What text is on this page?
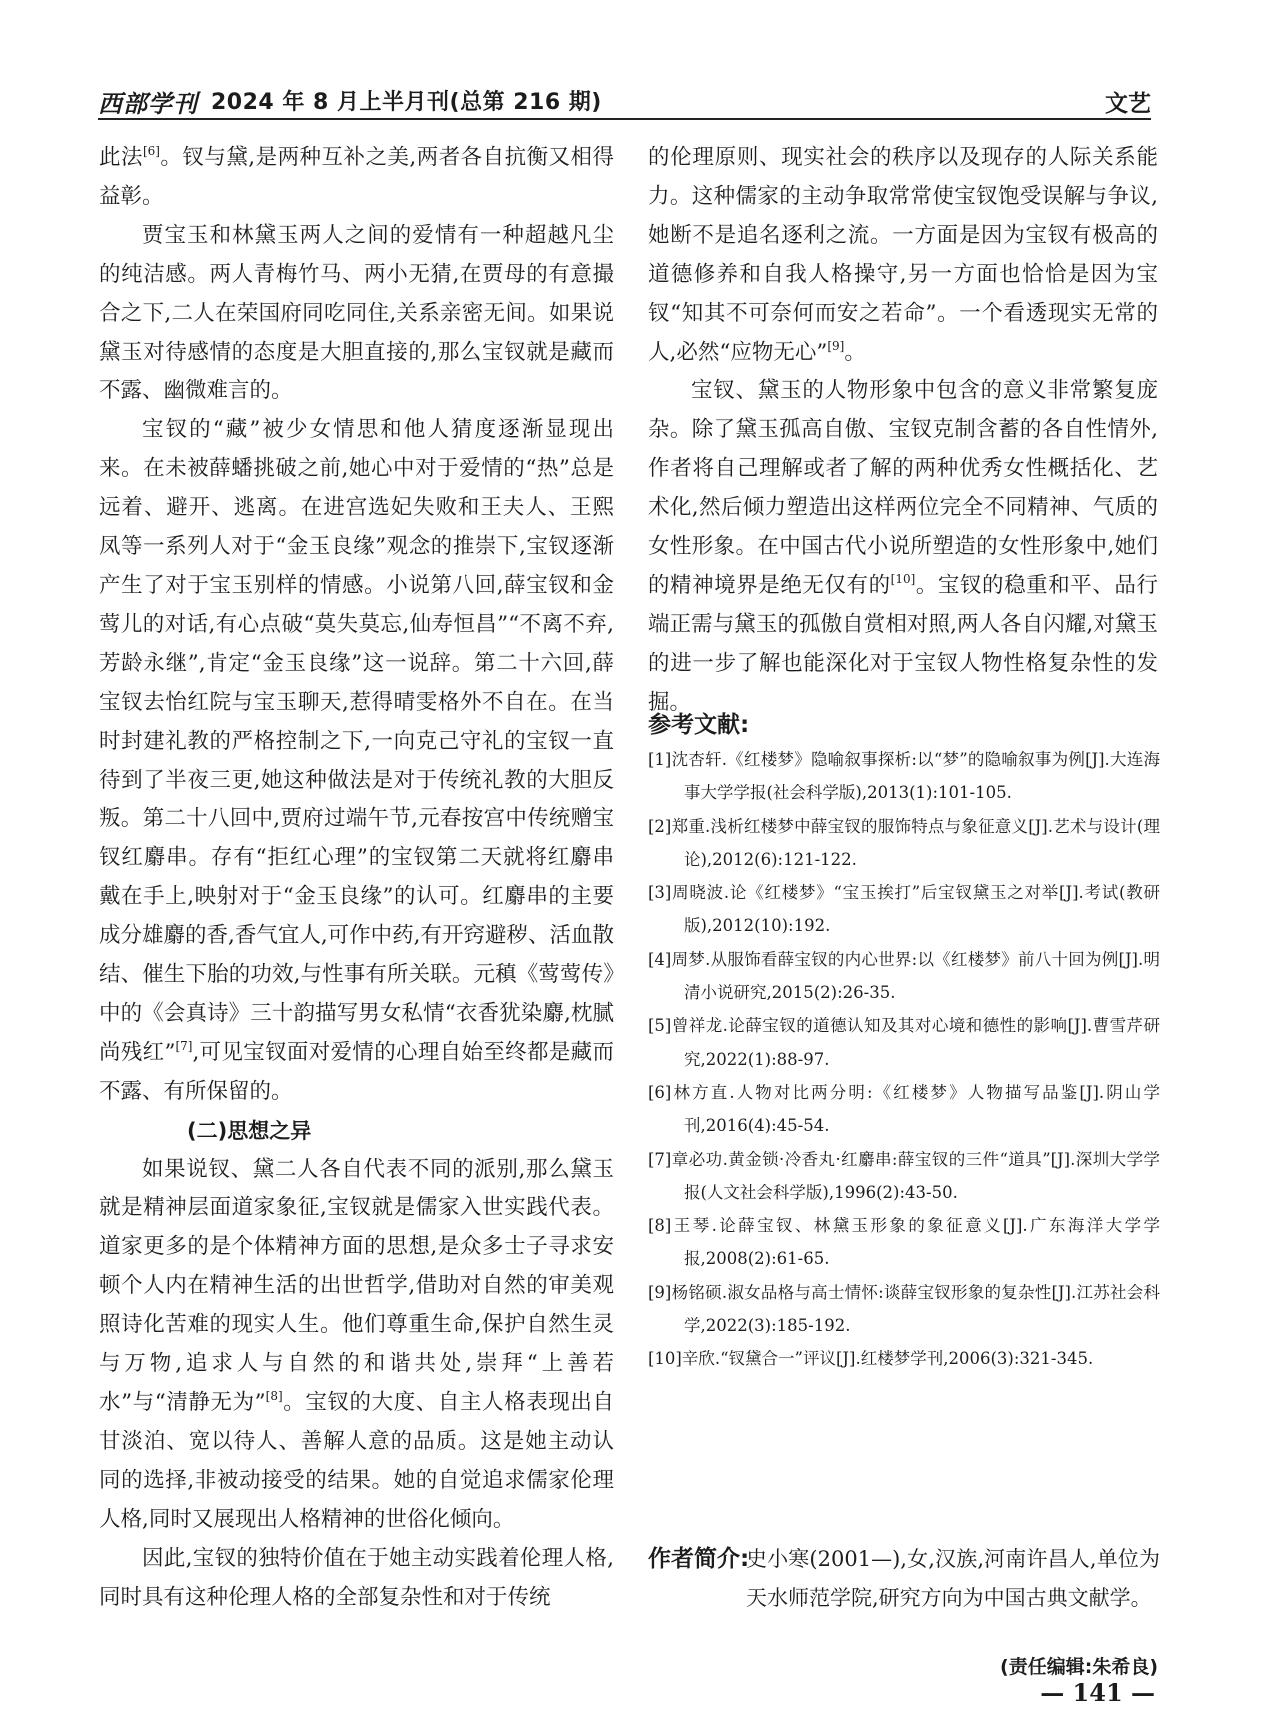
西部学刊 2024 年 8 月上半月刊(总第 216 期)	文艺

此法[6]。钗与黛,是两种互补之美,两者各自抗衡又相得益彰。

贾宝玉和林黛玉两人之间的爱情有一种超越凡尘的纯洁感。两人青梅竹马、两小无猜,在贾母的有意撮合之下,二人在荣国府同吃同住,关系亲密无间。如果说黛玉对待感情的态度是大胆直接的,那么宝钗就是藏而不露、幽微难言的。

宝钗的“藏”被少女情思和他人猜度逐渐显现出来。在未被薛蟠挑破之前,她心中对于爱情的“热”总是远着、避开、逃离。在进宫选妃失败和王夫人、王熙凤等一系列人对于“金玉良缘”观念的推崇下,宝钗逐渐产生了对于宝玉别样的情感。小说第八回,薛宝钗和金莺儿的对话,有心点破“莫失莫忘,仙寿恒昌”“不离不弃,芳龄永继”,肯定“金玉良缘”这一说辞。第二十六回,薛宝钗去怡红院与宝玉聊天,惹得晴雯格外不自在。在当时封建礼教的严格控制之下,一向克己守礼的宝钗一直待到了半夜三更,她这种做法是对于传统礼教的大胆反叛。第二十八回中,贾府过端午节,元春按宫中传统赠宝钗红麝串。存有“拒红心理”的宝钗第二天就将红麝串戴在手上,映射对于“金玉良缘”的认可。红麝串的主要成分雄麝的香,香气宜人,可作中药,有开窍避秽、活血散结、催生下胎的功效,与性事有所关联。元稹《莺莺传》中的《会真诗》三十韵描写男女私情“衣香犹染麝,枕腻尚残红”[7],可见宝钗面对爱情的心理自始至终都是藏而不露、有所保留的。

(二)思想之异

如果说钗、黛二人各自代表不同的派别,那么黛玉就是精神层面道家象征,宝钗就是儒家入世实践代表。道家更多的是个体精神方面的思想,是众多士子寻求安顿个人内在精神生活的出世哲学,借助对自然的审美观照诗化苦难的现实人生。他们尊重生命,保护自然生灵与万物,追求人与自然的和谐共处,崇拜“上善若水”与“清静无为”[8]。宝钗的大度、自主人格表现出自甘淡泊、宽以待人、善解人意的品质。这是她主动认同的选择,非被动接受的结果。她的自觉追求儒家伦理人格,同时又展现出人格精神的世俗化倾向。

因此,宝钗的独特价值在于她主动实践着伦理人格,同时具有这种伦理人格的全部复杂性和对于传统

的伦理原则、现实社会的秩序以及现存的人际关系能力。这种儒家的主动争取常常使宝钗饱受误解与争议,她断不是追名逐利之流。一方面是因为宝钗有极高的道德修养和自我人格操守,另一方面也恰恰是因为宝钗“知其不可奈何而安之若命”。一个看透现实无常的人,必然“应物无心”[9]。

宝钗、黛玉的人物形象中包含的意义非常繁复庞杂。除了黛玉孤高自傲、宝钗克制含蓄的各自性情外,作者将自己理解或者了解的两种优秀女性概括化、艺术化,然后倾力塑造出这样两位完全不同精神、气质的女性形象。在中国古代小说所塑造的女性形象中,她们的精神境界是绝无仅有的[10]。宝钗的稳重和平、品行端正需与黛玉的孤傲自赏相对照,两人各自闪耀,对黛玉的进一步了解也能深化对于宝钗人物性格复杂性的发掘。

参考文献:
[1]沈杏轩.《红楼梦》隐喻叙事探析:以“梦”的隐喻叙事为例[J].大连海事大学学报(社会科学版),2013(1):101-105.
[2]郑重.浅析红楼梦中薛宝钗的服饰特点与象征意义[J].艺术与设计(理论),2012(6):121-122.
[3]周晓波.论《红楼梦》“宝玉挨打”后宝钗黛玉之对举[J].考试(教研版),2012(10):192.
[4]周梦.从服饰看薛宝钗的内心世界:以《红楼梦》前八十回为例[J].明清小说研究,2015(2):26-35.
[5]曾祥龙.论薛宝钗的道德认知及其对心境和德性的影响[J].曹雪芹研究,2022(1):88-97.
[6]林方直.人物对比两分明:《红楼梦》人物描写品鉴[J].阴山学刊,2016(4):45-54.
[7]章必功.黄金锁·冷香丸·红麝串:薛宝钗的三件“道具”[J].深圳大学学报(人文社会科学版),1996(2):43-50.
[8]王琴.论薛宝钗、林黛玉形象的象征意义[J].广东海洋大学学报,2008(2):61-65.
[9]杨铭硕.淑女品格与高士情怀:谈薛宝钗形象的复杂性[J].江苏社会科学,2022(3):185-192.
[10]辛欣.“钗黛合一”评议[J].红楼梦学刊,2006(3):321-345.
作者简介:
史小寒(2001—),女,汉族,河南许昌人,单位为天水师范学院,研究方向为中国古典文献学。
(责任编辑:朱希良)
— 141 —
